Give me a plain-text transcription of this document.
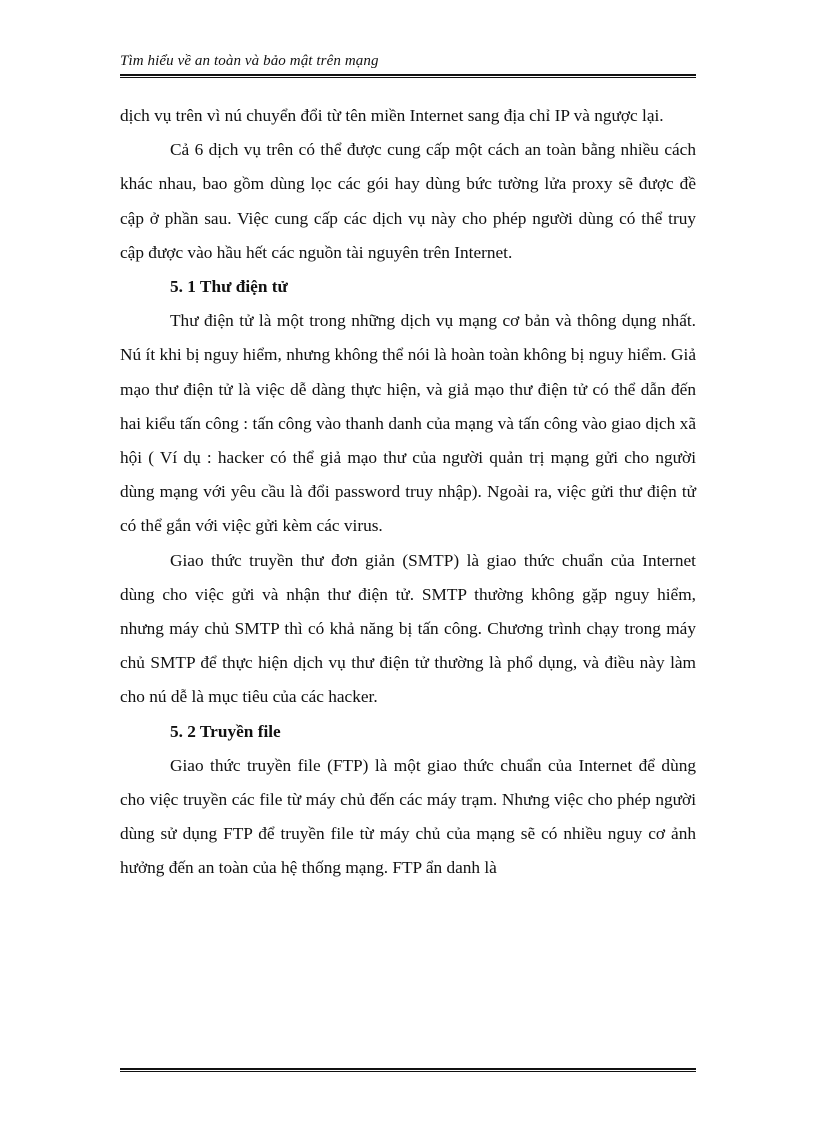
Tìm hiểu về an toàn và bảo mật trên mạng

dịch vụ trên vì nú chuyển đổi từ tên miền Internet sang địa chỉ IP và ngược lại.

Cả 6 dịch vụ trên có thể được cung cấp một cách an toàn bằng nhiều cách khác nhau, bao gồm dùng lọc các gói hay dùng bức tường lửa proxy sẽ được đề cập ở phần sau. Việc cung cấp các dịch vụ này cho phép người dùng có thể truy cập được vào hầu hết các nguồn tài nguyên trên Internet.

5. 1 Thư điện tử

Thư điện tử là một trong những dịch vụ mạng cơ bản và thông dụng nhất. Nú ít khi bị nguy hiểm, nhưng không thể nói là hoàn toàn không bị nguy hiểm. Giả mạo thư điện tử là việc dễ dàng thực hiện, và giả mạo thư điện tử có thể dẫn đến hai kiểu tấn công : tấn công vào thanh danh của mạng và tấn công vào giao dịch xã hội ( Ví dụ : hacker có thể giả mạo thư của người quản trị mạng gửi cho người dùng mạng với yêu cầu là đổi password truy nhập). Ngoài ra, việc gửi thư điện tử có thể gắn với việc gửi kèm các virus.

Giao thức truyền thư đơn giản (SMTP) là giao thức chuẩn của Internet dùng cho việc gửi và nhận thư điện tử. SMTP thường không gặp nguy hiểm, nhưng máy chủ SMTP thì có khả năng bị tấn công. Chương trình chạy trong máy chủ SMTP để thực hiện dịch vụ thư điện tử thường là phổ dụng, và điều này làm cho nú dễ là mục tiêu của các hacker.

5. 2 Truyền file

Giao thức truyền file (FTP) là một giao thức chuẩn của Internet để dùng cho việc truyền các file từ máy chủ đến các máy trạm. Nhưng việc cho phép người dùng sử dụng FTP để truyền file từ máy chủ của mạng sẽ có nhiều nguy cơ ảnh hưởng đến an toàn của hệ thống mạng. FTP ẩn danh là
